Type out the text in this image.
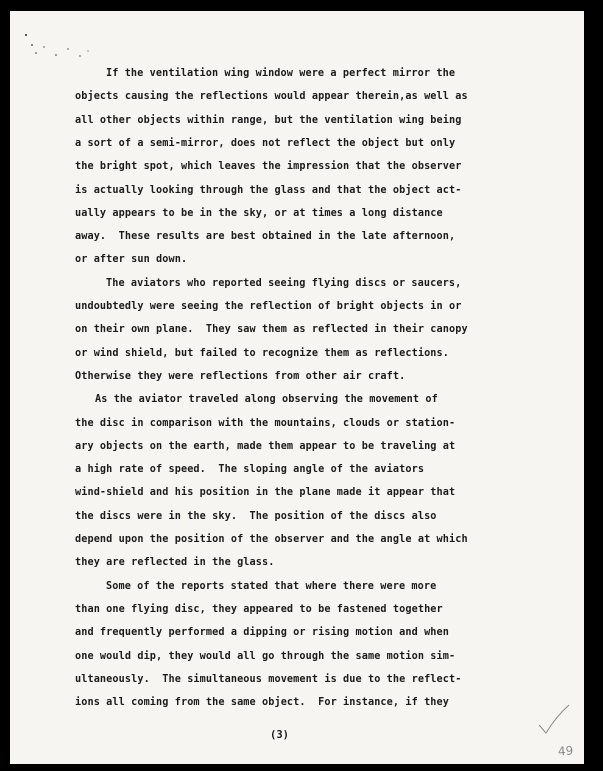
If the ventilation wing window were a perfect mirror the
objects causing the reflections would appear therein,as well as
all other objects within range, but the ventilation wing being
a sort of a semi-mirror, does not reflect the object but only
the bright spot, which leaves the impression that the observer
is actually looking through the glass and that the object act-
ually appears to be in the sky, or at times a long distance
away.  These results are best obtained in the late afternoon,
or after sun down.
The aviators who reported seeing flying discs or saucers,
undoubtedly were seeing the reflection of bright objects in or
on their own plane.  They saw them as reflected in their canopy
or wind shield, but failed to recognize them as reflections.
Otherwise they were reflections from other air craft.
As the aviator traveled along observing the movement of
the disc in comparison with the mountains, clouds or station-
ary objects on the earth, made them appear to be traveling at
a high rate of speed.  The sloping angle of the aviators
wind-shield and his position in the plane made it appear that
the discs were in the sky.  The position of the discs also
depend upon the position of the observer and the angle at which
they are reflected in the glass.
Some of the reports stated that where there were more
than one flying disc, they appeared to be fastened together
and frequently performed a dipping or rising motion and when
one would dip, they would all go through the same motion sim-
ultaneously.  The simultaneous movement is due to the reflect-
ions all coming from the same object.  For instance, if they
(3)
49
